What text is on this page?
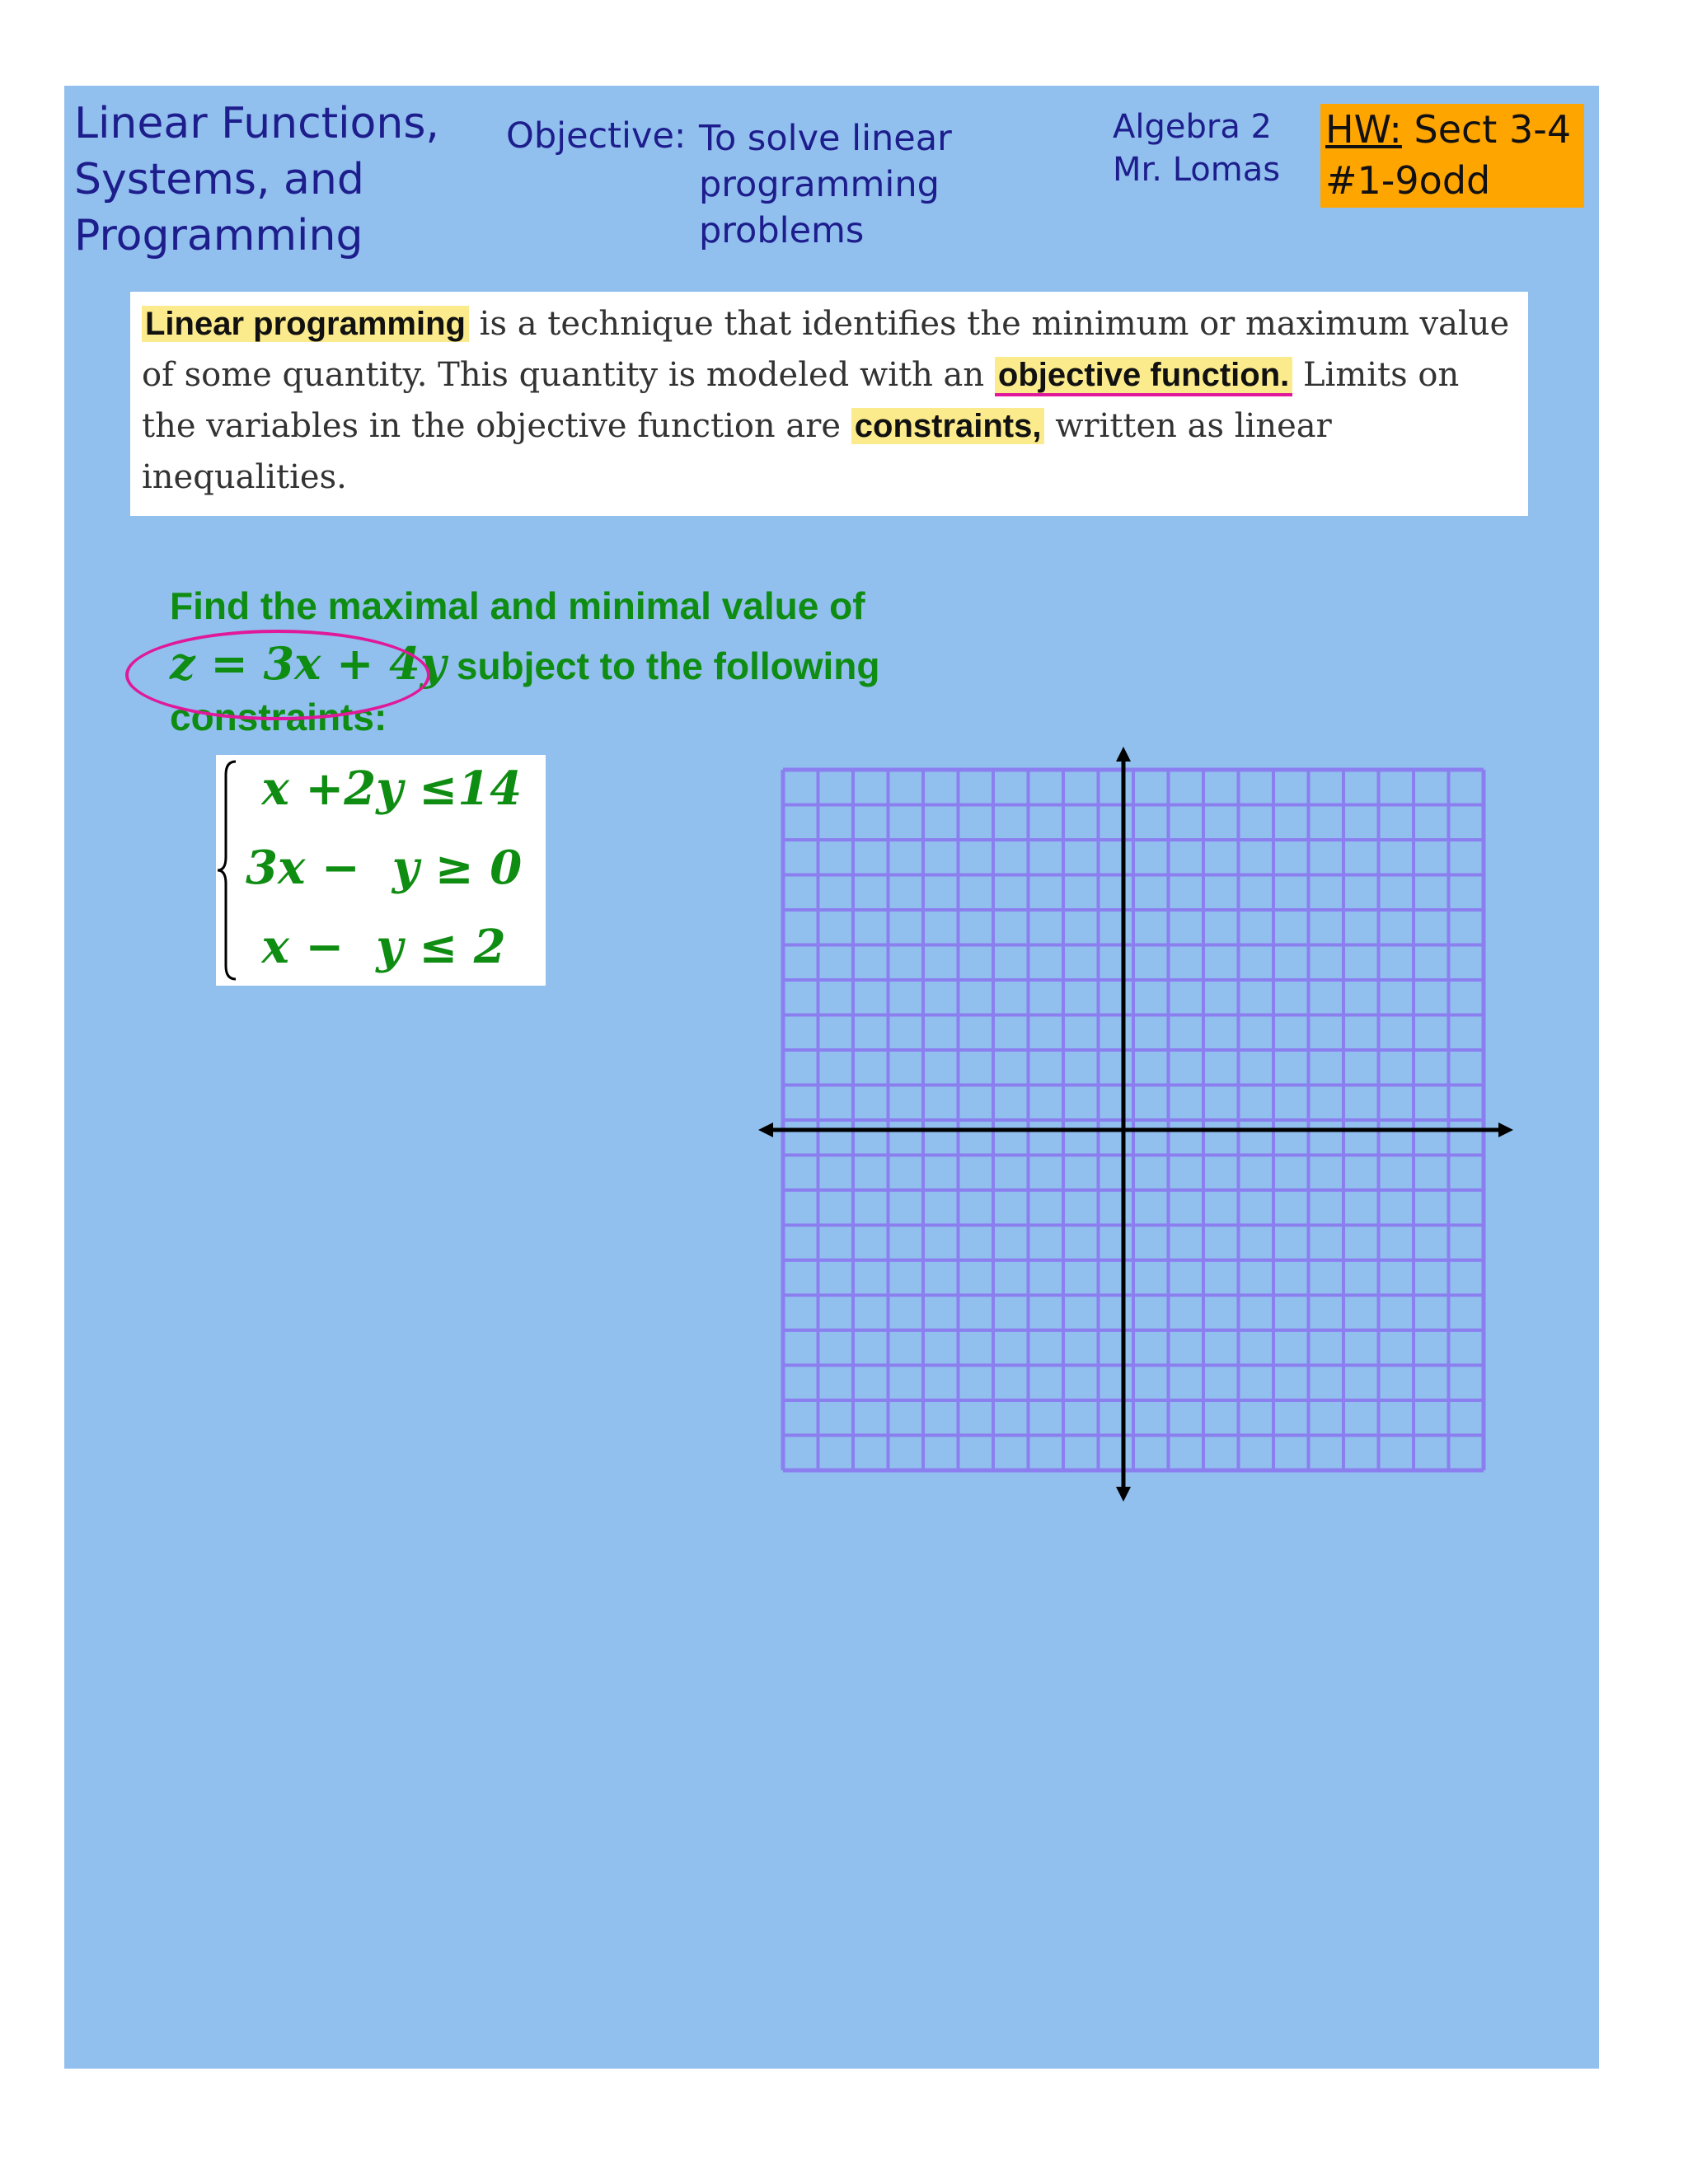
Linear Functions,
Systems, and
Programming
Objective: To solve linear
programming
problems
Algebra 2
Mr. Lomas
HW: Sect 3-4
#1-9odd
Linear programming is a technique that identifies the minimum or maximum value of some quantity. This quantity is modeled with an objective function. Limits on the variables in the objective function are constraints, written as linear inequalities.
Find the maximal and minimal value of
z = 3x + 4y subject to the following
constraints:
x +2y ≤14
3x −  y ≥ 0
x −  y ≤ 2
